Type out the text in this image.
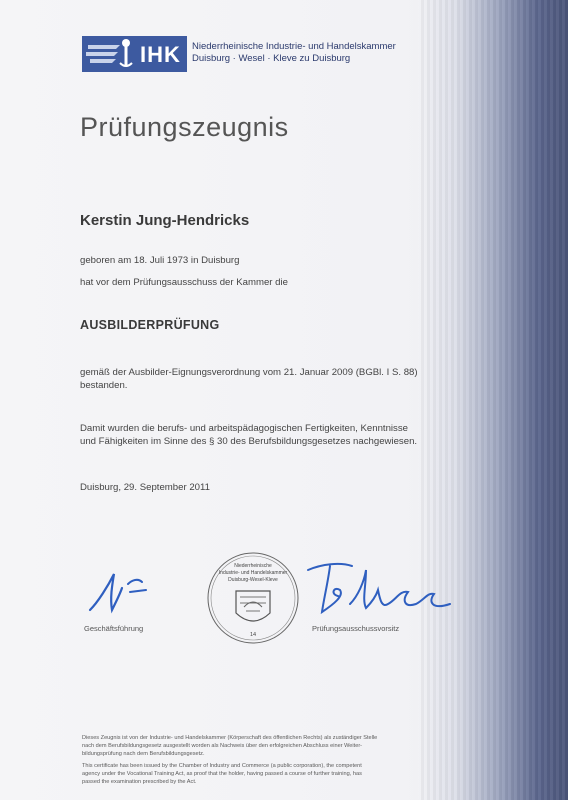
IHK Niederrheinische Industrie- und Handelskammer
Duisburg · Wesel · Kleve zu Duisburg
Prüfungszeugnis
Kerstin Jung-Hendricks
geboren am 18. Juli 1973 in Duisburg
hat vor dem Prüfungsausschuss der Kammer die
AUSBILDERPRÜFUNG
gemäß der Ausbilder-Eignungsverordnung vom 21. Januar 2009 (BGBl. I S. 88)
bestanden.
Damit wurden die berufs- und arbeitspädagogischen Fertigkeiten, Kenntnisse
und Fähigkeiten im Sinne des § 30 des Berufsbildungsgesetzes nachgewiesen.
Duisburg, 29. September 2011
Geschäftsführung
Niederrheinische
Industrie- und Handelskammer
Duisburg-Wesel-Kleve
14
Prüfungsausschussvorsitz
Dieses Zeugnis ist von der Industrie- und Handelskammer (Körperschaft des öffentlichen Rechts) als zuständiger Stelle
nach dem Berufsbildungsgesetz ausgestellt worden als Nachweis über den erfolgreichen Abschluss einer Weiter-
bildungsprüfung nach dem Berufsbildungsgesetz.
This certificate has been issued by the Chamber of Industry and Commerce (a public corporation), the competent
agency under the Vocational Training Act, as proof that the holder, having passed a course of further training, has
passed the examination prescribed by the Act.
